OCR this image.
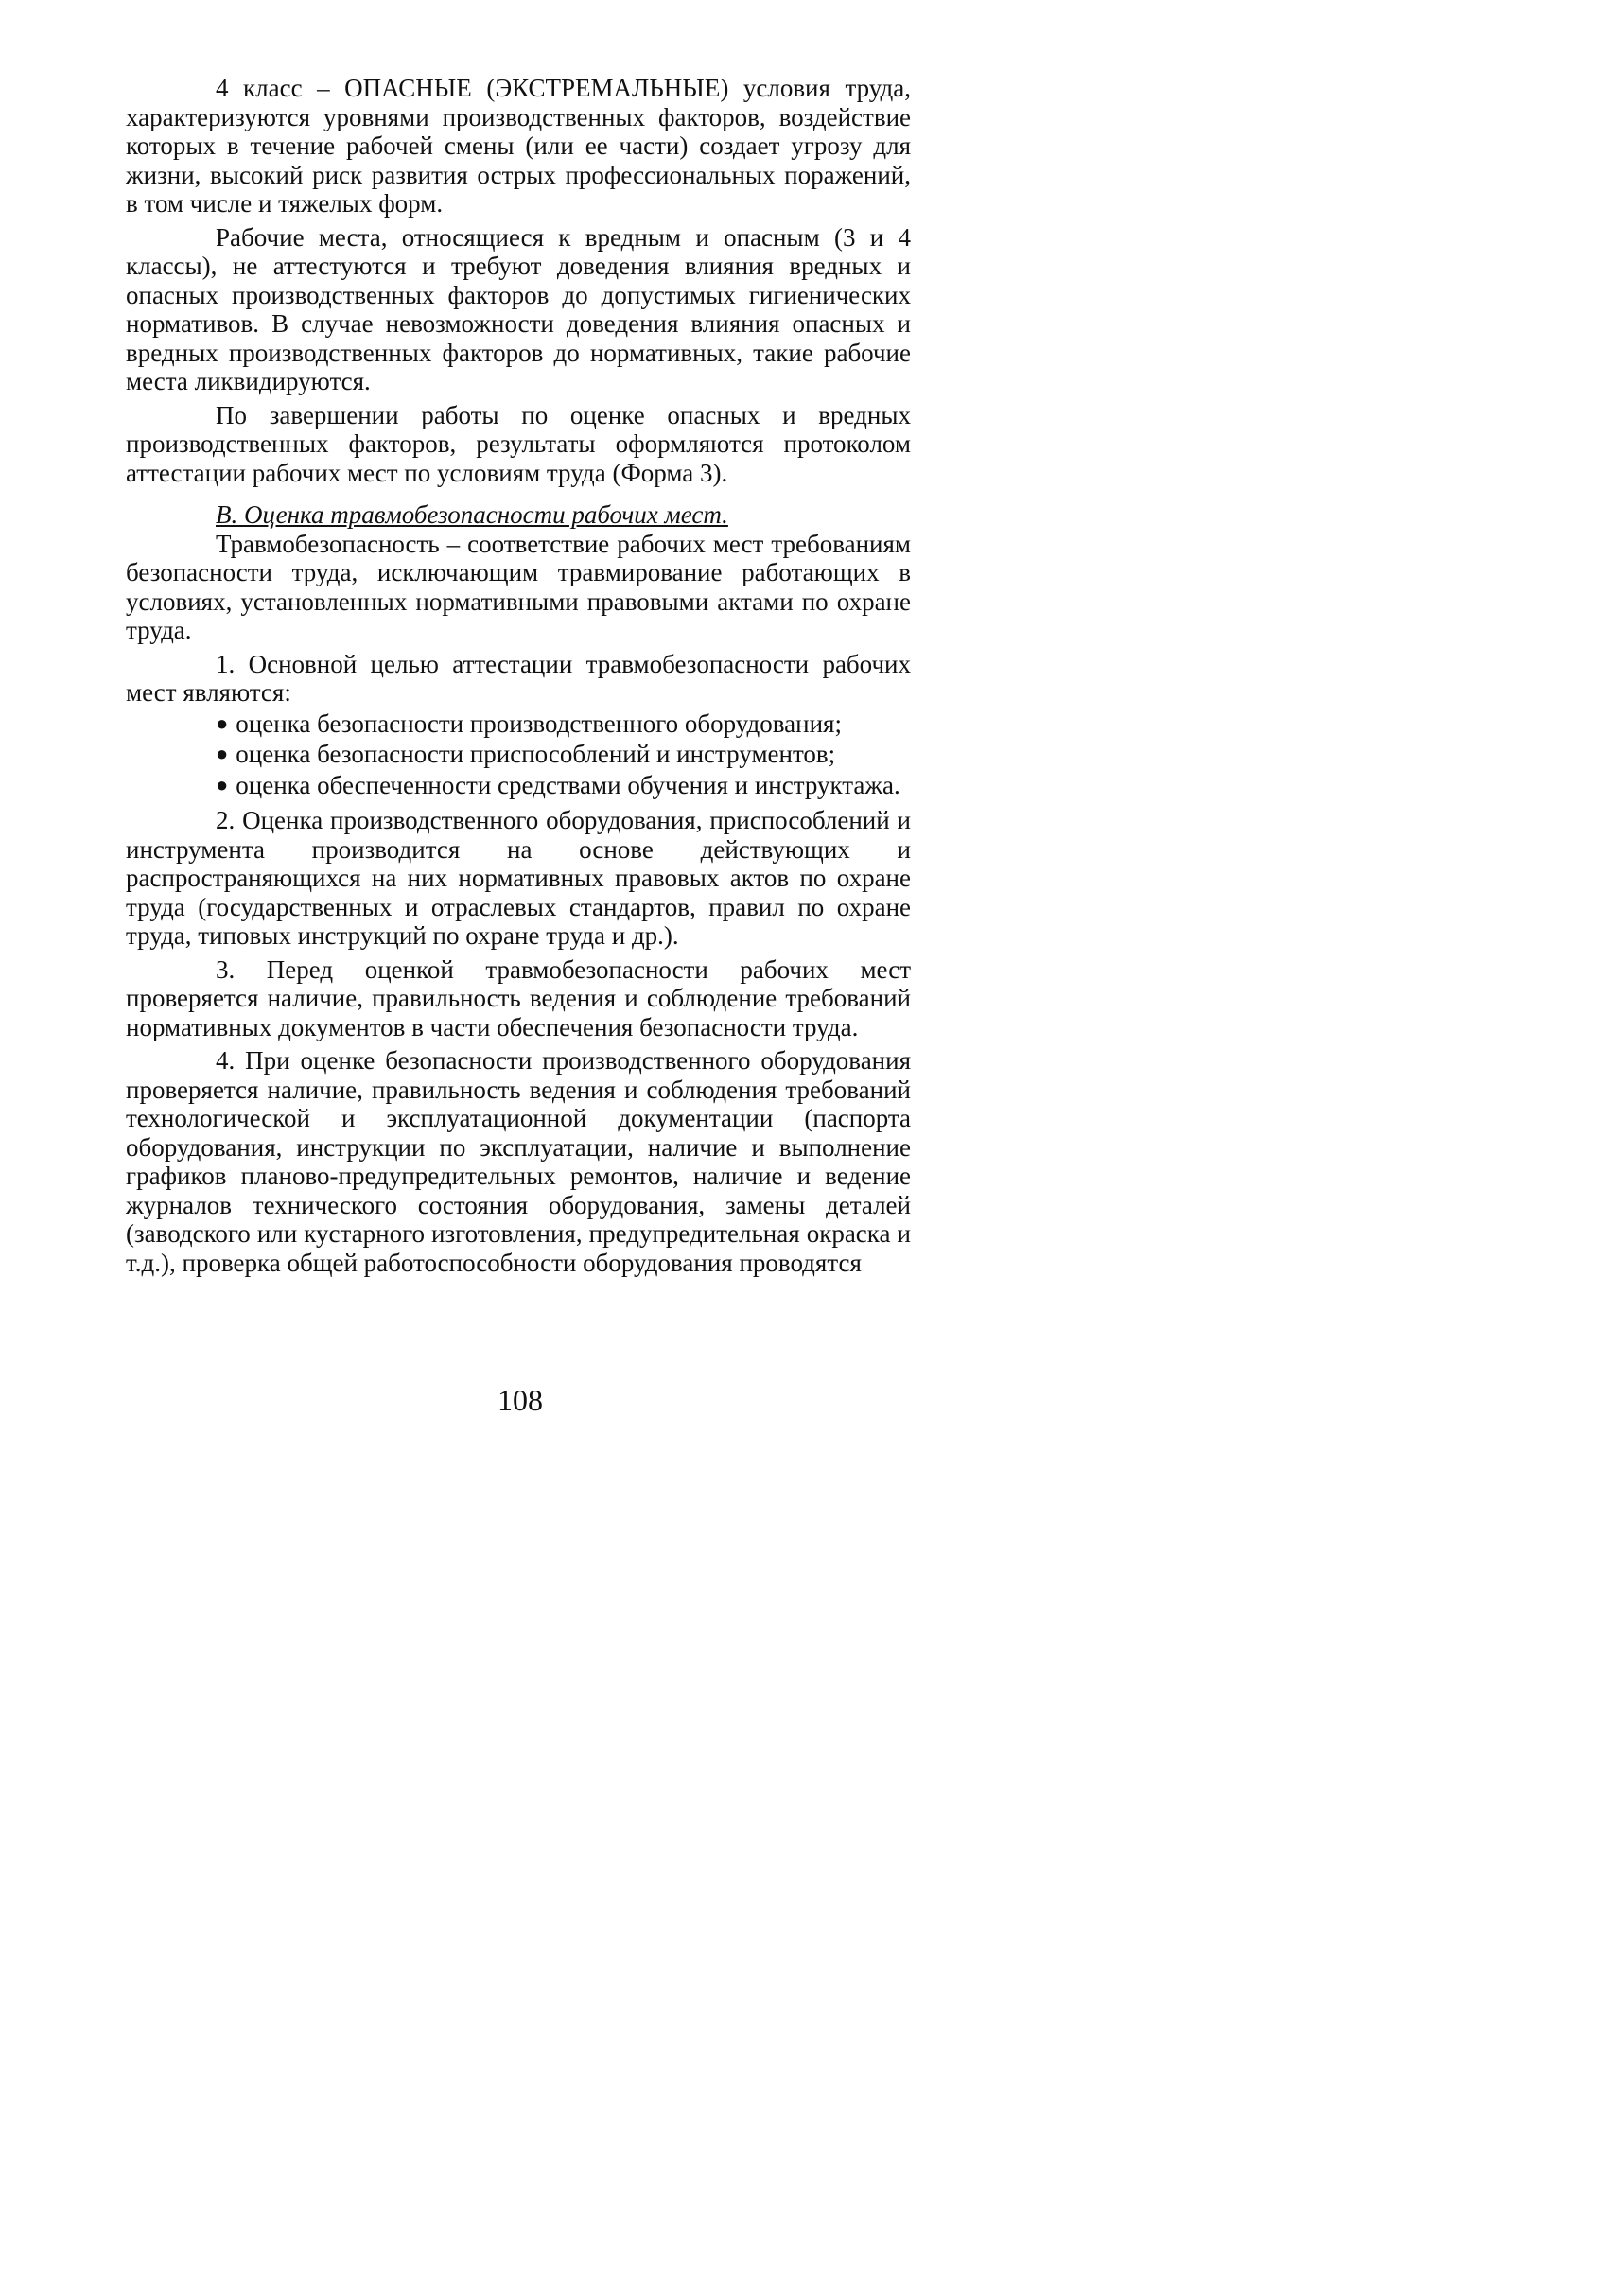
4 класс – ОПАСНЫЕ (ЭКСТРЕМАЛЬНЫЕ) условия труда, характеризуются уровнями производственных факторов, воздействие которых в течение рабочей смены (или ее части) создает угрозу для жизни, высокий риск развития острых профессиональных поражений, в том числе и тяжелых форм.

Рабочие места, относящиеся к вредным и опасным (3 и 4 классы), не аттестуются и требуют доведения влияния вредных и опасных производственных факторов до допустимых гигиенических нормативов. В случае невозможности доведения влияния опасных и вредных производственных факторов до нормативных, такие рабочие места ликвидируются.

По завершении работы по оценке опасных и вредных производственных факторов, результаты оформляются протоколом аттестации рабочих мест по условиям труда (Форма 3).

В. Оценка травмобезопасности рабочих мест.

Травмобезопасность – соответствие рабочих мест требованиям безопасности труда, исключающим травмирование работающих в условиях, установленных нормативными правовыми актами по охране труда.

1. Основной целью аттестации травмобезопасности рабочих мест являются:

● оценка безопасности производственного оборудования;
● оценка безопасности приспособлений и инструментов;
● оценка обеспеченности средствами обучения и инструктажа.

2. Оценка производственного оборудования, приспособлений и инструмента производится на основе действующих и распространяющихся на них нормативных правовых актов по охране труда (государственных и отраслевых стандартов, правил по охране труда, типовых инструкций по охране труда и др.).

3. Перед оценкой травмобезопасности рабочих мест проверяется наличие, правильность ведения и соблюдение требований нормативных документов в части обеспечения безопасности труда.

4. При оценке безопасности производственного оборудования проверяется наличие, правильность ведения и соблюдения требований технологической и эксплуатационной документации (паспорта оборудования, инструкции по эксплуатации, наличие и выполнение графиков планово-предупредительных ремонтов, наличие и ведение журналов технического состояния оборудования, замены деталей (заводского или кустарного изготовления, предупредительная окраска и т.д.), проверка общей работоспособности оборудования проводятся

108
